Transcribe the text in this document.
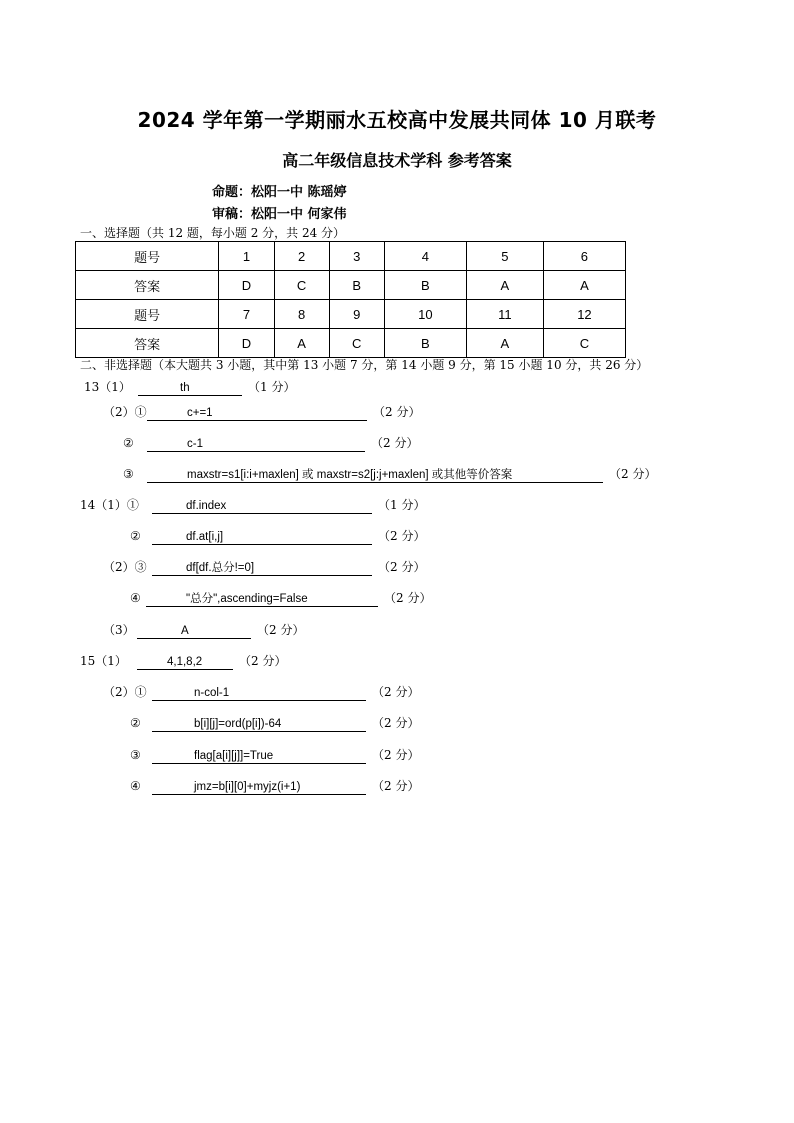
2024 学年第一学期丽水五校高中发展共同体 10 月联考
高二年级信息技术学科 参考答案
命题：松阳一中 陈瑶婷
审稿：松阳一中 何家伟
一、选择题（共 12 题，每小题 2 分，共 24 分）
题号	1	2	3	4	5	6
答案	D	C	B	B	A	A
题号	7	8	9	10	11	12
答案	D	A	C	B	A	C
二、非选择题（本大题共 3 小题，其中第 13 小题 7 分，第 14 小题 9 分，第 15 小题 10 分，共 26 分）
13（1）	th	（1 分）
（2）①	c+=1	（2 分）
②	c-1	（2 分）
③	maxstr=s1[i:i+maxlen] 或 maxstr=s2[j:j+maxlen] 或其他等价答案	（2 分）
14（1）①	df.index	（1 分）
②	df.at[i,j]	（2 分）
（2）③	df[df.总分!=0]	（2 分）
④	"总分",ascending=False	（2 分）
（3）	A	（2 分）
15（1）	4,1,8,2	（2 分）
（2）①	n-col-1	（2 分）
②	b[i][j]=ord(p[i])-64	（2 分）
③	flag[a[i][j]]=True	（2 分）
④	jmz=b[i][0]+myjz(i+1)	（2 分）
